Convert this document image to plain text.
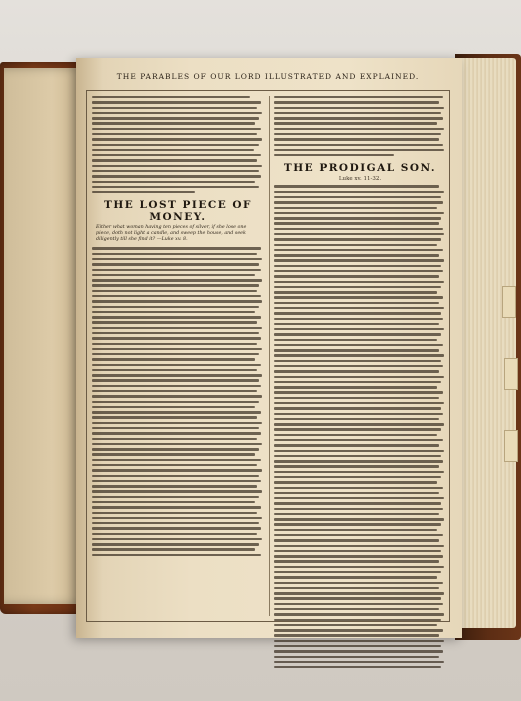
THE PARABLES OF OUR LORD ILLUSTRATED AND EXPLAINED.
THE LOST PIECE OF MONEY.
Either what woman having ten pieces of silver, if she lose one piece, doth not light a candle, and sweep the house, and seek diligently till she find it? —Luke xv. 8.
THE PRODIGAL SON.
Luke xv. 11-32.
